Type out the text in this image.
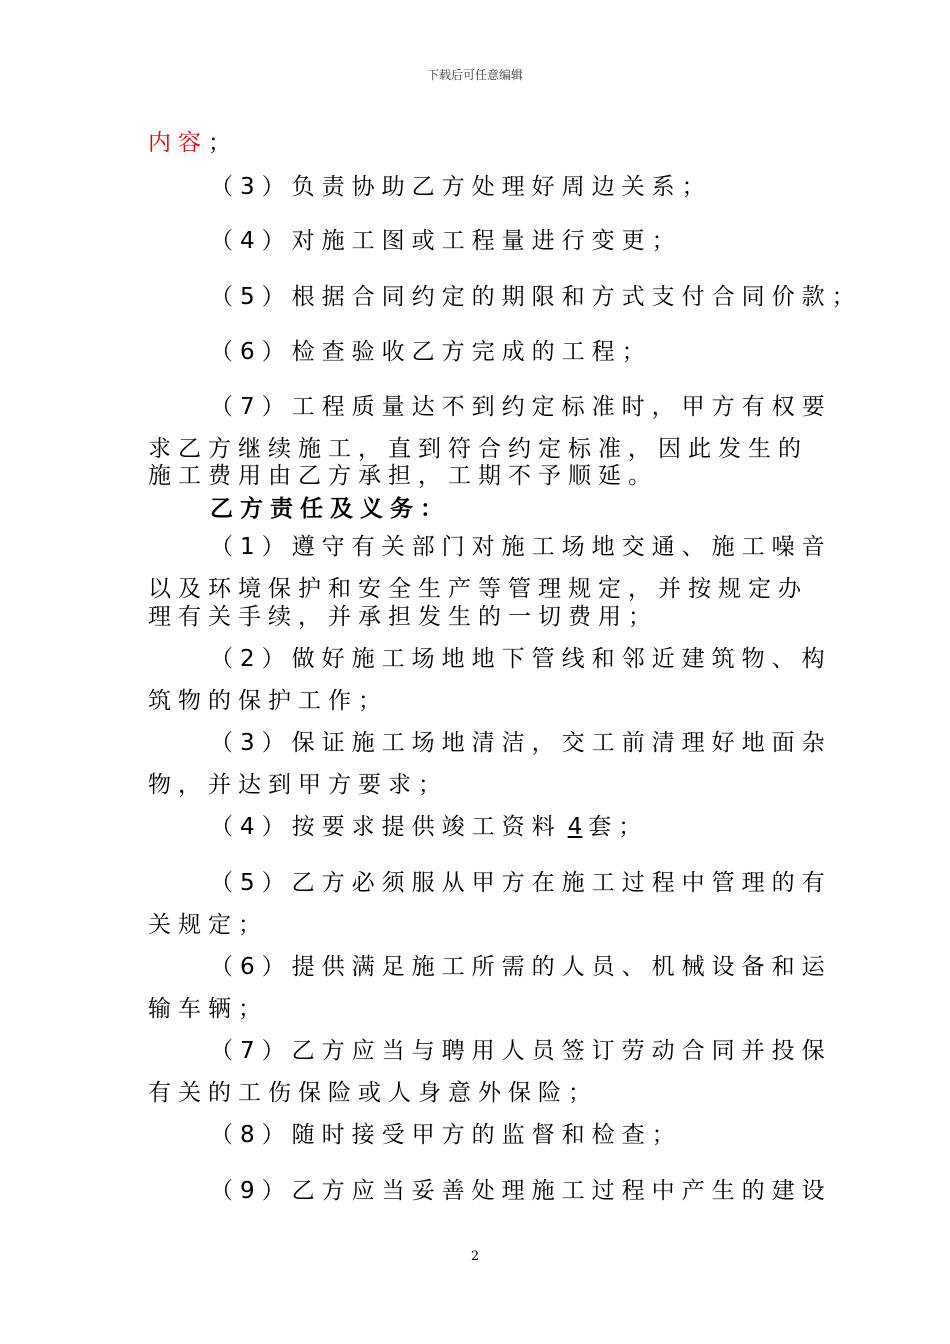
下载后可任意编辑
内容；
（3）负责协助乙方处理好周边关系；
（4）对施工图或工程量进行变更；
（5）根据合同约定的期限和方式支付合同价款；
（6）检查验收乙方完成的工程；
（7）工程质量达不到约定标准时，甲方有权要
求乙方继续施工，直到符合约定标准，因此发生的
施工费用由乙方承担，工期不予顺延。
乙方责任及义务：
（1）遵守有关部门对施工场地交通、施工噪音
以及环境保护和安全生产等管理规定，并按规定办
理有关手续，并承担发生的一切费用；
（2）做好施工场地地下管线和邻近建筑物、构
筑物的保护工作；
（3）保证施工场地清洁，交工前清理好地面杂
物，并达到甲方要求；
（4）按要求提供竣工资料 4 套；
（5）乙方必须服从甲方在施工过程中管理的有
关规定；
（6）提供满足施工所需的人员、机械设备和运
输车辆；
（7）乙方应当与聘用人员签订劳动合同并投保
有关的工伤保险或人身意外保险；
（8）随时接受甲方的监督和检查；
（9）乙方应当妥善处理施工过程中产生的建设
2
